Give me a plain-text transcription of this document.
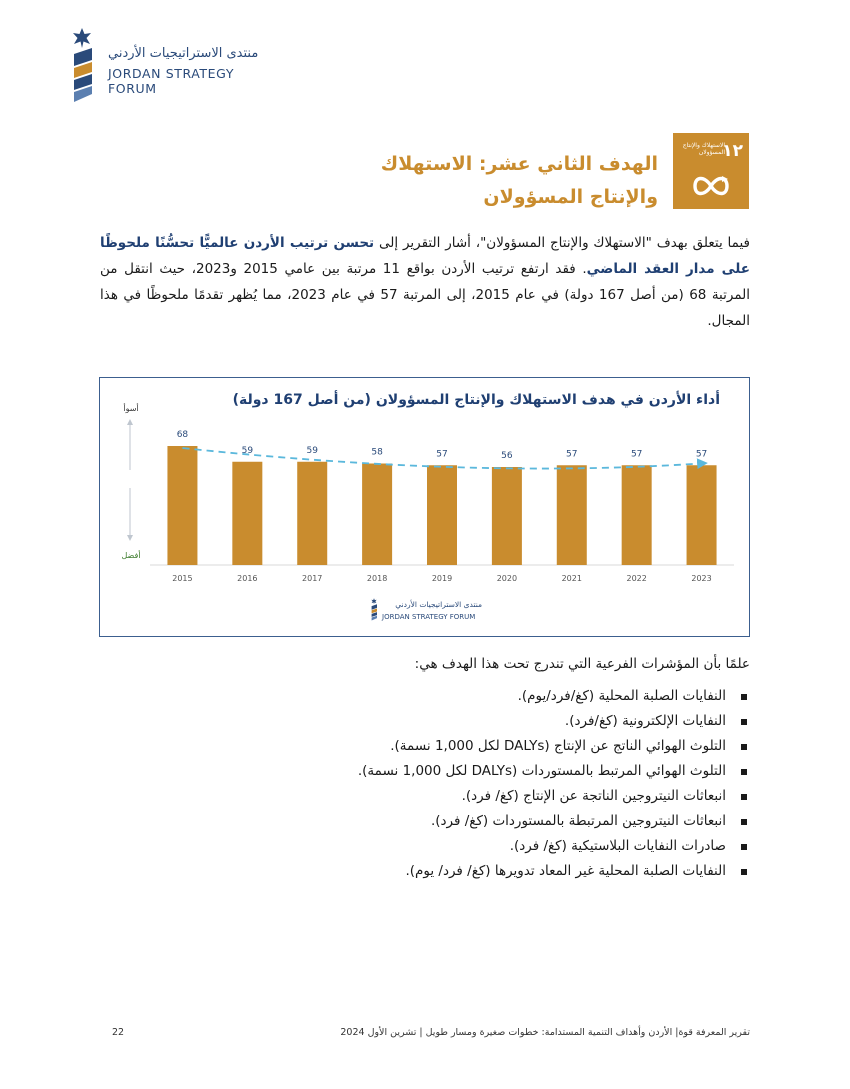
منتدى الاستراتيجيات الأردني
JORDAN STRATEGY FORUM
١٢
الاستهلاك والإنتاج المسؤولان
الهدف الثاني عشر: الاستهلاك
والإنتاج المسؤولان

فيما يتعلق بهدف "الاستهلاك والإنتاج المسؤولان"، أشار التقرير إلى تحسن ترتيب الأردن عالميًّا تحسُّنًا ملحوظًا على مدار العقد الماضي. فقد ارتفع ترتيب الأردن بواقع 11 مرتبة بين عامي 2015 و2023، حيث انتقل من المرتبة 68 (من أصل 167 دولة) في عام 2015، إلى المرتبة 57 في عام 2023، مما يُظهر تقدمًا ملحوظًا في هذا المجال.

أداء الأردن في هدف الاستهلاك والإنتاج المسؤولان (من أصل 167 دولة)
أسوأ
أفضل
68
59	59	58	57	56	57	57	57
2015	2016	2017	2018	2019	2020	2021	2022	2023
منتدى الاستراتيجيات الأردني
JORDAN STRATEGY FORUM
علمًا بأن المؤشرات الفرعية التي تندرج تحت هذا الهدف هي:
النفايات الصلبة المحلية (كغ/فرد/يوم).
النفايات الإلكترونية (كغ/فرد).
التلوث الهوائي الناتج عن الإنتاج (DALYs لكل 1,000 نسمة).
التلوث الهوائي المرتبط بالمستوردات (DALYs لكل 1,000 نسمة).
انبعاثات النيتروجين الناتجة عن الإنتاج (كغ/ فرد).
انبعاثات النيتروجين المرتبطة بالمستوردات (كغ/ فرد).
صادرات النفايات البلاستيكية (كغ/ فرد).
النفايات الصلبة المحلية غير المعاد تدويرها (كغ/ فرد/ يوم).
تقرير المعرفة قوة| الأردن وأهداف التنمية المستدامة: خطوات صغيرة ومسار طويل | تشرين الأول 2024
22
